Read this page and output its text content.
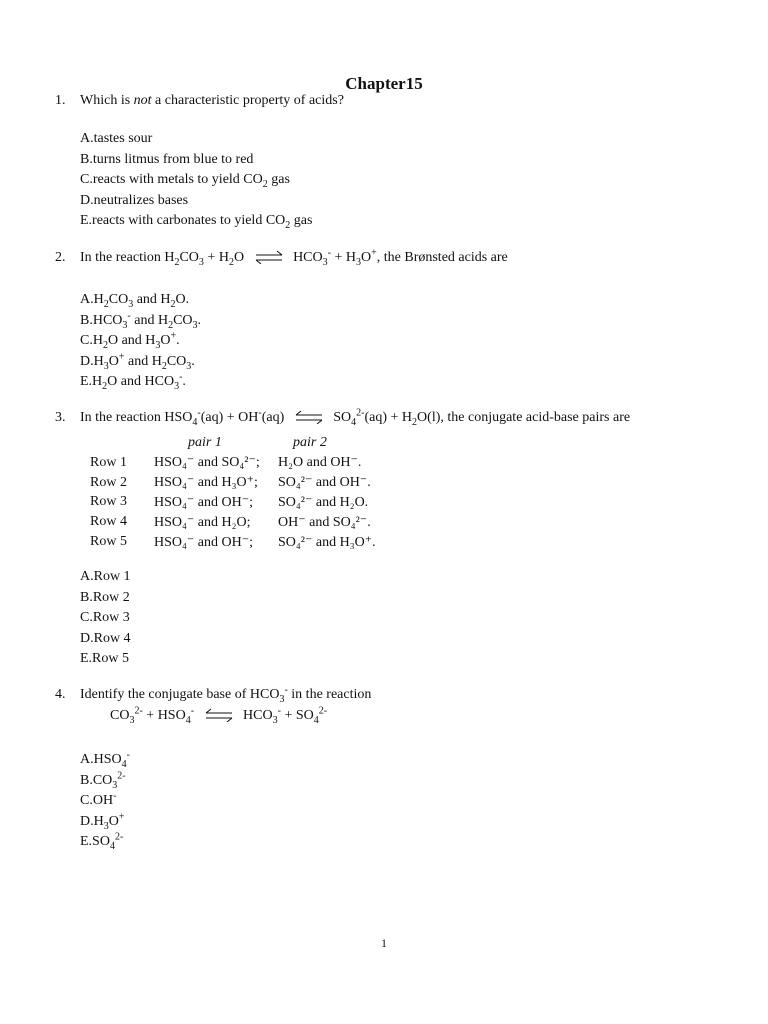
Chapter15
1. Which is not a characteristic property of acids?
A.tastes sour
B.turns litmus from blue to red
C.reacts with metals to yield $CO_2$ gas
D.neutralizes bases
E.reacts with carbonates to yield $CO_2$ gas
2. In the reaction $H_2CO_3 + H_2O$ ⇌ $HCO_3^- + H_3O^+$, the Brønsted acids are
$A.H_2CO_3$ and $H_2O$.
$B.HCO_3^-$ and $H_2CO_3$.
$C.H_2O$ and $H_3O^+$.
$D.H_3O^+$ and $H_2CO_3$.
$E.H_2O$ and $HCO_3^-$.
3. In the reaction $HSO_4^-(aq) + OH^-(aq)$ ⇌ $SO_4^{2-}(aq) + H_2O(l)$, the conjugate acid-base pairs are
pair 1	pair 2
Row 1	HSO₄⁻ and SO₄²⁻;	H₂O and OH⁻.
Row 2	HSO₄⁻ and H₃O⁺;	SO₄²⁻ and OH⁻.
Row 3	HSO₄⁻ and OH⁻;	SO₄²⁻ and H₂O.
Row 4	HSO₄⁻ and H₂O;	OH⁻ and SO₄²⁻.
Row 5	HSO₄⁻ and OH⁻;	SO₄²⁻ and H₃O⁺.
A.Row 1
B.Row 2
C.Row 3
D.Row 4
E.Row 5
4. Identify the conjugate base of $HCO_3^-$ in the reaction
$CO_3^{2-} + HSO_4^-$ ⇌ $HCO_3^- + SO_4^{2-}$
$A.HSO_4^-$
$B.CO_3^{2-}$
C.OH-
$D.H_3O^+$
$E.SO_4^{2-}$
1
